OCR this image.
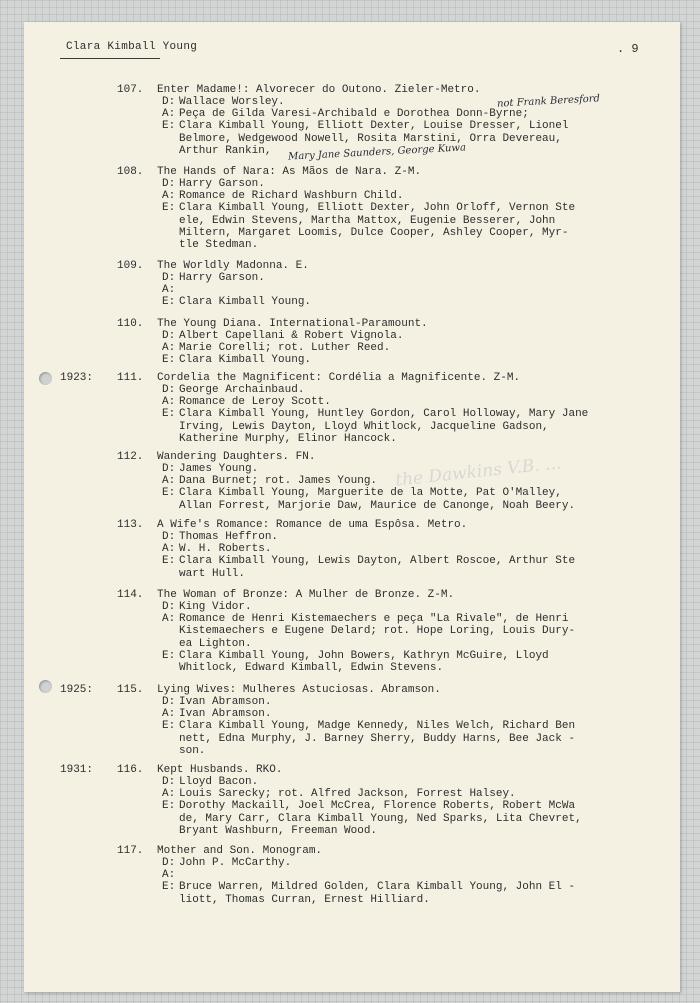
Clara Kimball Young	. 9
the Dawkins V.B. ...
107. Enter Madame!: Alvorecer do Outono. Zieler-Metro.
D: Wallace Worsley.
A: Peça de Gilda Varesi-Archibald e Dorothea Donn-Byrne;
E: Clara Kimball Young, Elliott Dexter, Louise Dresser, Lionel
Belmore, Wedgewood Nowell, Rosita Marstini, Orra Devereau,
Arthur Rankin,
108. The Hands of Nara: As Mãos de Nara. Z-M.
D: Harry Garson.
A: Romance de Richard Washburn Child.
E: Clara Kimball Young, Elliott Dexter, John Orloff, Vernon Ste
ele, Edwin Stevens, Martha Mattox, Eugenie Besserer, John
Miltern, Margaret Loomis, Dulce Cooper, Ashley Cooper, Myr-
tle Stedman.
109. The Worldly Madonna. E.
D: Harry Garson.
A:
E: Clara Kimball Young.
110. The Young Diana. International-Paramount.
D: Albert Capellani & Robert Vignola.
A: Marie Corelli; rot. Luther Reed.
E: Clara Kimball Young.
1923: 111. Cordelia the Magnificent: Cordélia a Magnificente. Z-M.
D: George Archainbaud.
A: Romance de Leroy Scott.
E: Clara Kimball Young, Huntley Gordon, Carol Holloway, Mary Jane
Irving, Lewis Dayton, Lloyd Whitlock, Jacqueline Gadson,
Katherine Murphy, Elinor Hancock.
112. Wandering Daughters. FN.
D: James Young.
A: Dana Burnet; rot. James Young.
E: Clara Kimball Young, Marguerite de la Motte, Pat O'Malley,
Allan Forrest, Marjorie Daw, Maurice de Canonge, Noah Beery.
113. A Wife's Romance: Romance de uma Espôsa. Metro.
D: Thomas Heffron.
A: W. H. Roberts.
E: Clara Kimball Young, Lewis Dayton, Albert Roscoe, Arthur Ste
wart Hull.
114. The Woman of Bronze: A Mulher de Bronze. Z-M.
D: King Vidor.
A: Romance de Henri Kistemaechers e peça "La Rivale", de Henri
Kistemaechers e Eugene Delard; rot. Hope Loring, Louis Dury-
ea Lighton.
E: Clara Kimball Young, John Bowers, Kathryn McGuire, Lloyd
Whitlock, Edward Kimball, Edwin Stevens.
1925: 115. Lying Wives: Mulheres Astuciosas. Abramson.
D: Ivan Abramson.
A: Ivan Abramson.
E: Clara Kimball Young, Madge Kennedy, Niles Welch, Richard Ben
nett, Edna Murphy, J. Barney Sherry, Buddy Harns, Bee Jack -
son.
1931: 116. Kept Husbands. RKO.
D: Lloyd Bacon.
A: Louis Sarecky; rot. Alfred Jackson, Forrest Halsey.
E: Dorothy Mackaill, Joel McCrea, Florence Roberts, Robert McWa
de, Mary Carr, Clara Kimball Young, Ned Sparks, Lita Chevret,
Bryant Washburn, Freeman Wood.
117. Mother and Son. Monogram.
D: John P. McCarthy.
A:
E: Bruce Warren, Mildred Golden, Clara Kimball Young, John El -
liott, Thomas Curran, Ernest Hilliard.
not Frank Beresford
Mary Jane Saunders, George Kuwa
